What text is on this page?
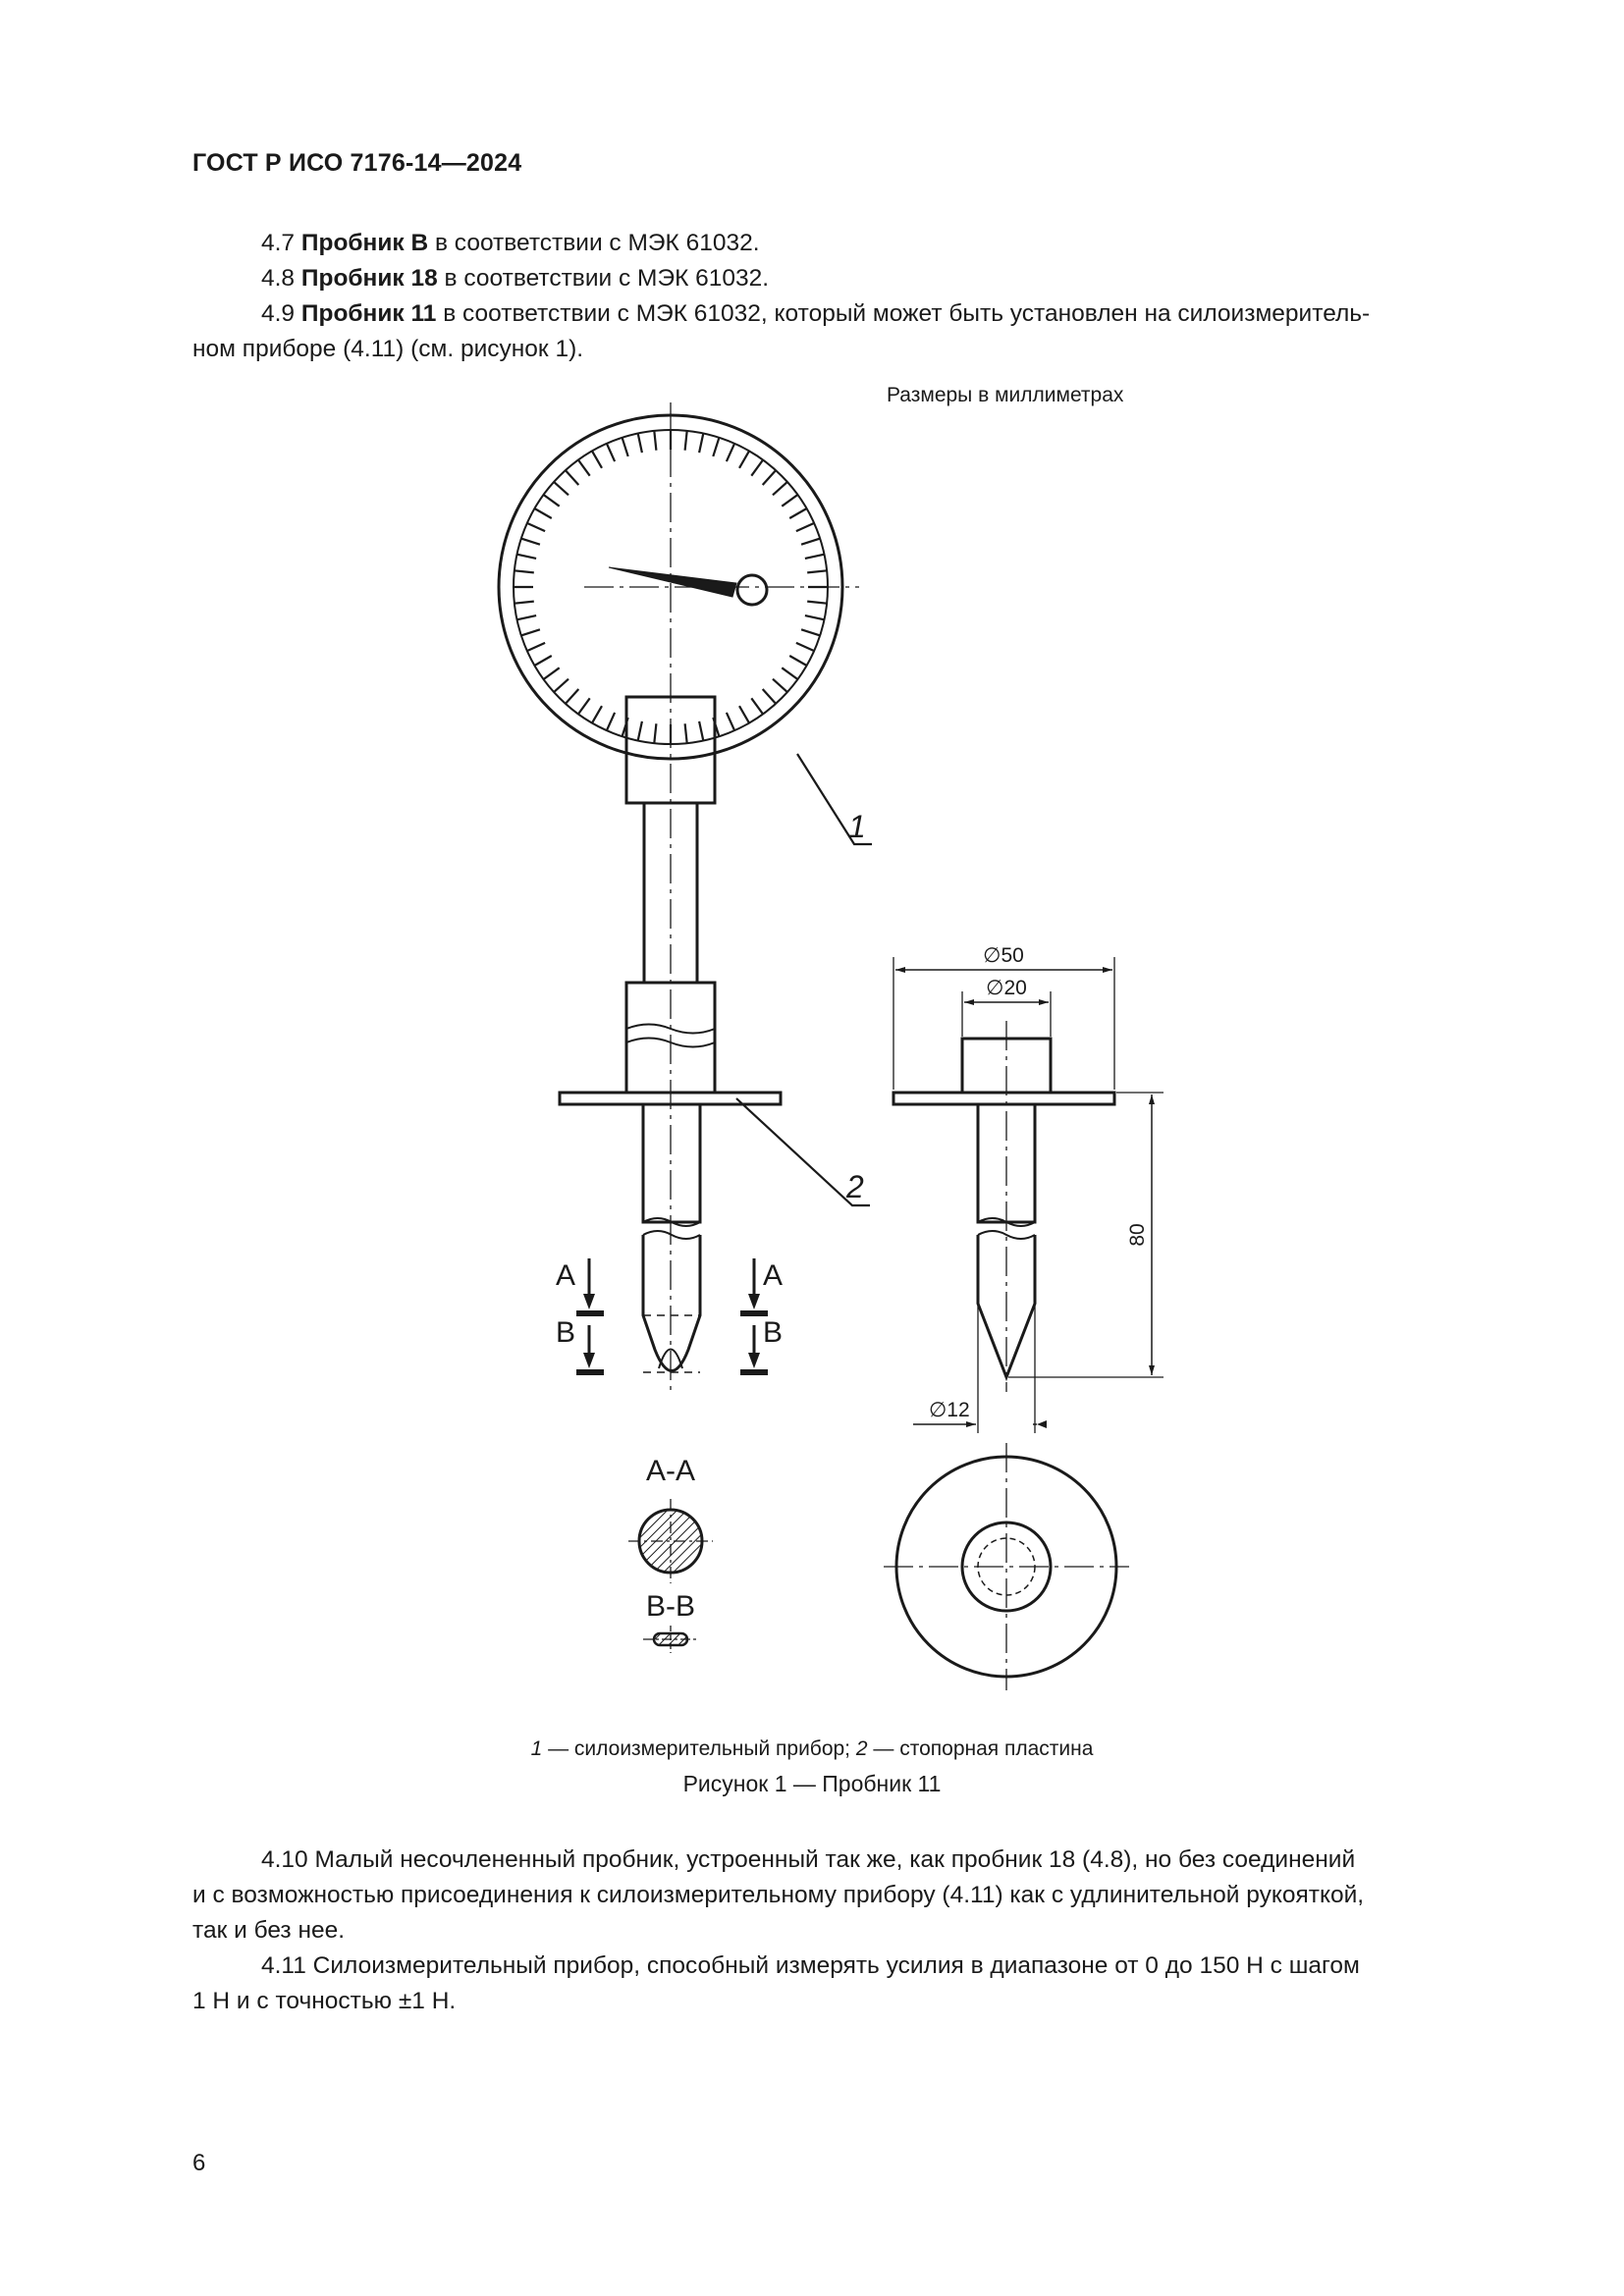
ГОСТ Р ИСО 7176-14—2024
4.7 Пробник В в соответствии с МЭК 61032.
4.8 Пробник 18 в соответствии с МЭК 61032.
4.9 Пробник 11 в соответствии с МЭК 61032, который может быть установлен на силоизмеритель-
ном приборе (4.11) (см. рисунок 1).
Размеры в миллиметрах
1
2
A
B
A
B
∅50
∅20
∅12
80
A-A
B-B
1 — силоизмерительный прибор; 2 — стопорная пластина
Рисунок 1 — Пробник 11
4.10 Малый несочлененный пробник, устроенный так же, как пробник 18 (4.8), но без соединений
и с возможностью присоединения к силоизмерительному прибору (4.11) как с удлинительной рукояткой,
так и без нее.
4.11 Силоизмерительный прибор, способный измерять усилия в диапазоне от 0 до 150 Н с шагом
1 Н и с точностью ±1 Н.
6
